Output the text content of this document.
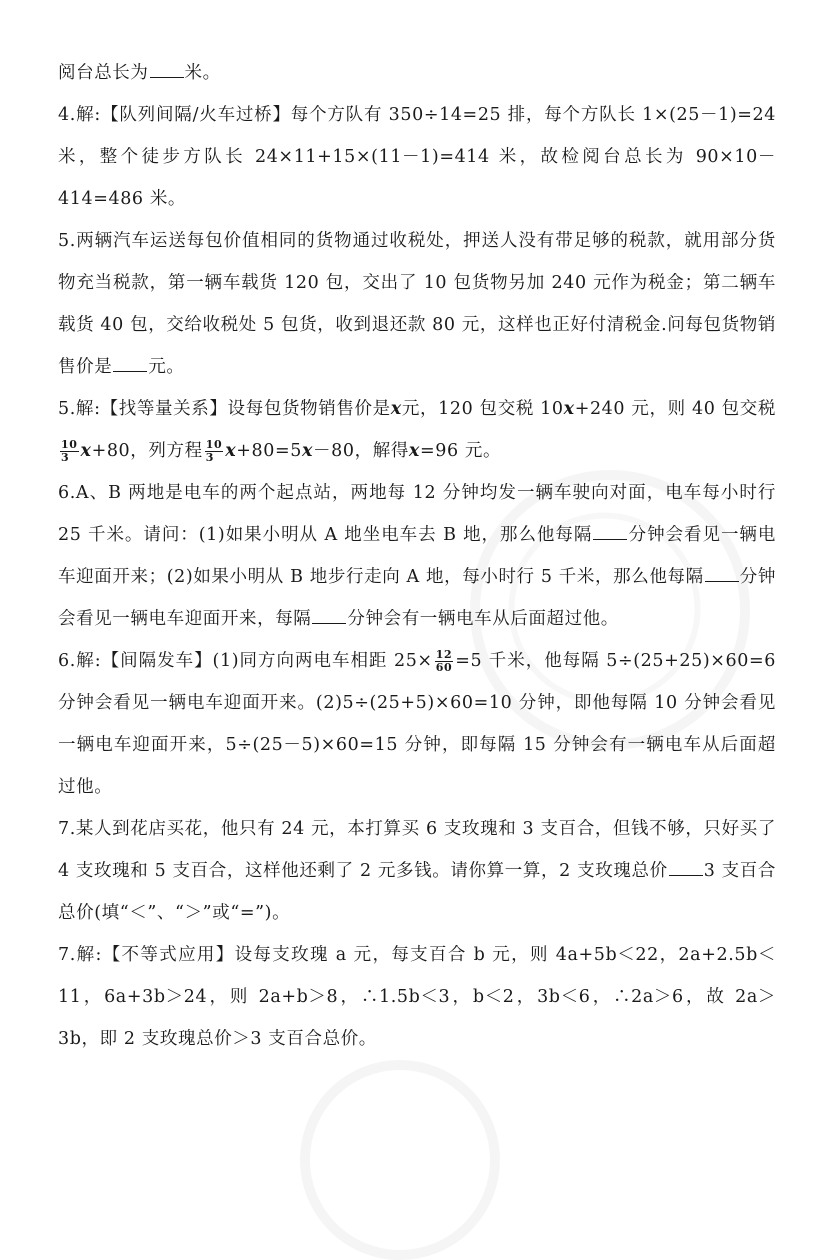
阅台总长为 米。

4.解:【队列间隔/火车过桥】每个方队有 350÷14=25 排，每个方队长 1×(25－1)=24 米，整个徒步方队长 24×11+15×(11－1)=414 米，故检阅台总长为 90×10－414=486 米。

5.两辆汽车运送每包价值相同的货物通过收税处，押送人没有带足够的税款，就用部分货物充当税款，第一辆车载货 120 包，交出了 10 包货物另加 240 元作为税金；第二辆车载货 40 包，交给收税处 5 包货，收到退还款 80 元，这样也正好付清税金.问每包货物销售价是 元。

5.解:【找等量关系】设每包货物销售价是x元，120 包交税 10x+240 元，则 40 包交税
$\frac{10}{3} x+80$，列方程 $\frac{10}{3} x+80=5x-80$，解得x=96 元。

6.A、B 两地是电车的两个起点站，两地每 12 分钟均发一辆车驶向对面，电车每小时行 25 千米。请问：(1)如果小明从 A 地坐电车去 B 地，那么他每隔 分钟会看见一辆电车迎面开来；(2)如果小明从 B 地步行走向 A 地，每小时行 5 千米，那么他每隔 分钟会看见一辆电车迎面开来，每隔 分钟会有一辆电车从后面超过他。

6.解:【间隔发车】(1)同方向两电车相距 $25\times \frac{12}{60} =5$ 千米，他每隔 5÷(25+25)×60=6 分钟会看见一辆电车迎面开来。(2)5÷(25+5)×60=10 分钟，即他每隔 10 分钟会看见一辆电车迎面开来，5÷(25－5)×60=15 分钟，即每隔 15 分钟会有一辆电车从后面超过他。

7.某人到花店买花，他只有 24 元，本打算买 6 支玫瑰和 3 支百合，但钱不够，只好买了 4 支玫瑰和 5 支百合，这样他还剩了 2 元多钱。请你算一算，2 支玫瑰总价 3 支百合总价(填“＜”、“＞”或“=”)。

7.解:【不等式应用】设每支玫瑰 a 元，每支百合 b 元，则 4a+5b＜22，2a+2.5b＜11，6a+3b＞24，则 2a+b＞8，∴1.5b＜3，b＜2，3b＜6，∴2a＞6，故 2a＞3b，即 2 支玫瑰总价＞3 支百合总价。
